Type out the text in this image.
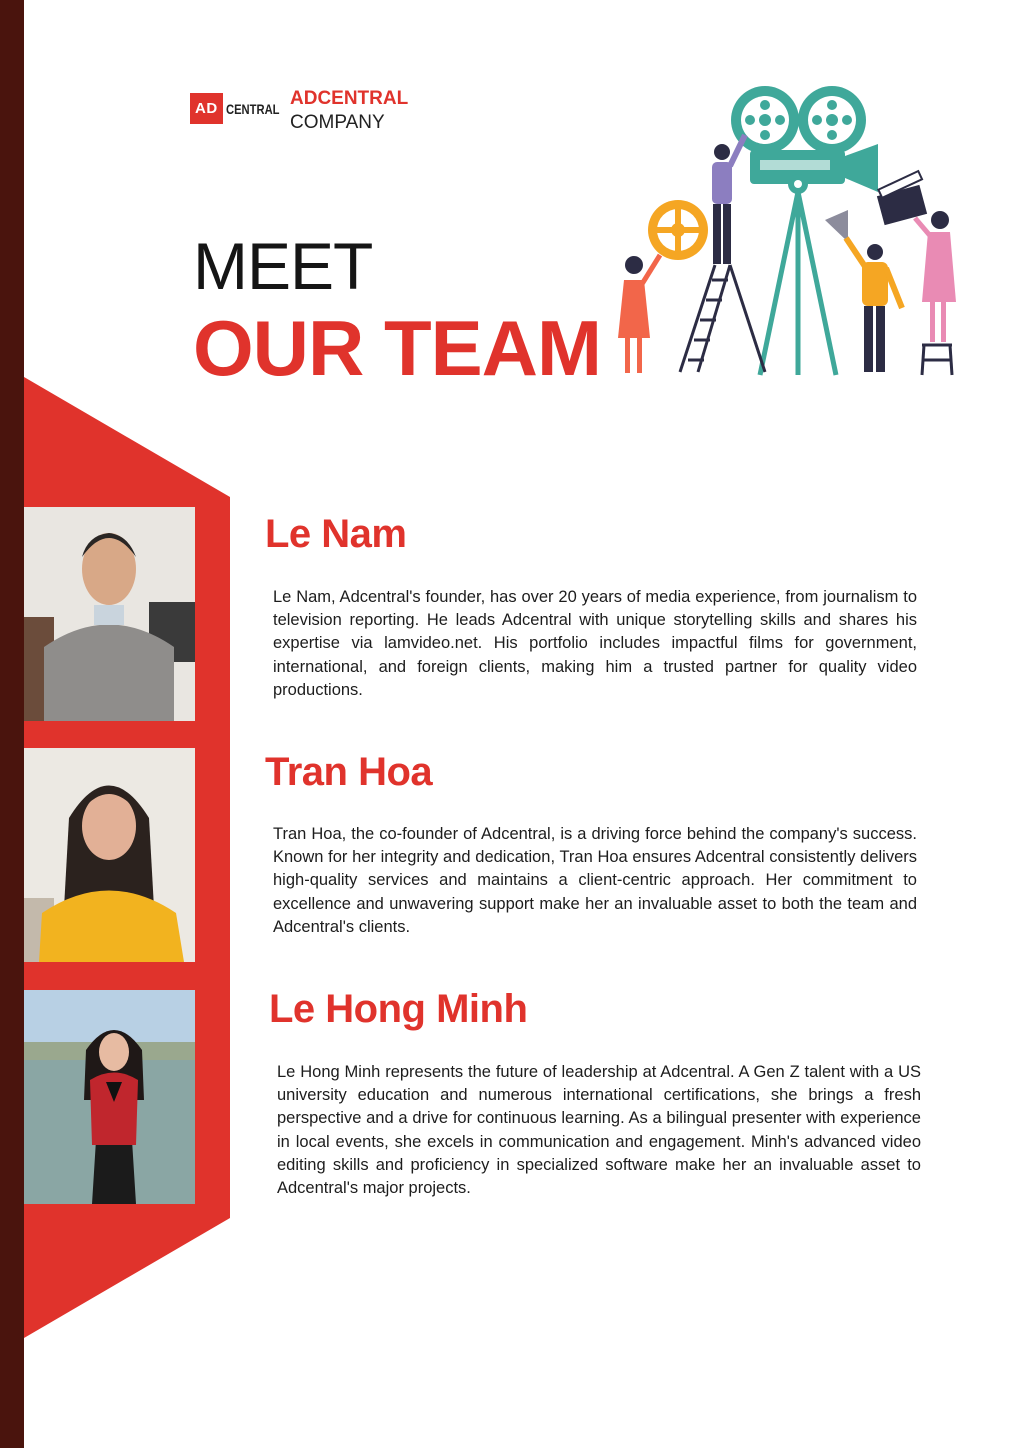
AD CENTRAL ADCENTRAL
COMPANY
MEET
OUR TEAM
Le Nam
Tran Hoa
Le Hong Minh
Le Nam, Adcentral's founder, has over 20 years of media experience, from journalism to television reporting. He leads Adcentral with unique storytelling skills and shares his expertise via lamvideo.net. His portfolio includes impactful films for government, international, and foreign clients, making him a trusted partner for quality video productions.
Tran Hoa, the co-founder of Adcentral, is a driving force behind the company's success. Known for her integrity and dedication, Tran Hoa ensures Adcentral consistently delivers high-quality services and maintains a client-centric approach. Her commitment to excellence and unwavering support make her an invaluable asset to both the team and Adcentral's clients.
Le Hong Minh represents the future of leadership at Adcentral. A Gen Z talent with a US university education and numerous international certifications, she brings a fresh perspective and a drive for continuous learning. As a bilingual presenter with experience in local events, she excels in communication and engagement. Minh's advanced video editing skills and proficiency in specialized software make her an invaluable asset to Adcentral's major projects.
